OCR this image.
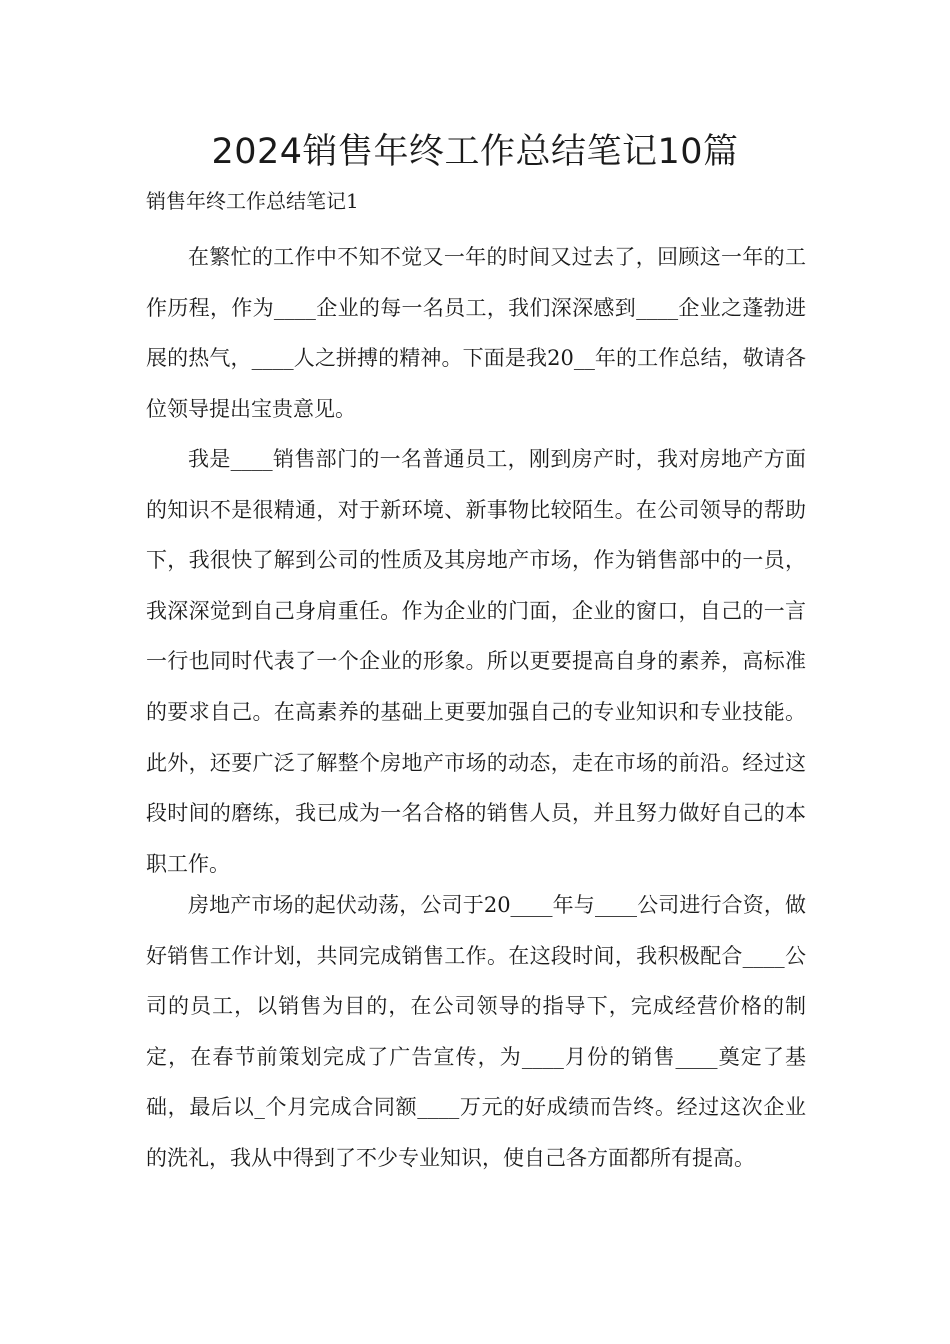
2024销售年终工作总结笔记10篇
销售年终工作总结笔记1

在繁忙的工作中不知不觉又一年的时间又过去了，回顾这一年的工作历程，作为____企业的每一名员工，我们深深感到____企业之蓬勃进展的热气，____人之拼搏的精神。下面是我20__年的工作总结，敬请各位领导提出宝贵意见。

我是____销售部门的一名普通员工，刚到房产时，我对房地产方面的知识不是很精通，对于新环境、新事物比较陌生。在公司领导的帮助下，我很快了解到公司的性质及其房地产市场，作为销售部中的一员，我深深觉到自己身肩重任。作为企业的门面，企业的窗口，自己的一言一行也同时代表了一个企业的形象。所以更要提高自身的素养，高标准的要求自己。在高素养的基础上更要加强自己的专业知识和专业技能。此外，还要广泛了解整个房地产市场的动态，走在市场的前沿。经过这段时间的磨练，我已成为一名合格的销售人员，并且努力做好自己的本职工作。

房地产市场的起伏动荡，公司于20____年与____公司进行合资，做好销售工作计划，共同完成销售工作。在这段时间，我积极配合____公司的员工，以销售为目的，在公司领导的指导下，完成经营价格的制定，在春节前策划完成了广告宣传，为____月份的销售____奠定了基础，最后以_个月完成合同额____万元的好成绩而告终。经过这次企业的洗礼，我从中得到了不少专业知识，使自己各方面都所有提高。
